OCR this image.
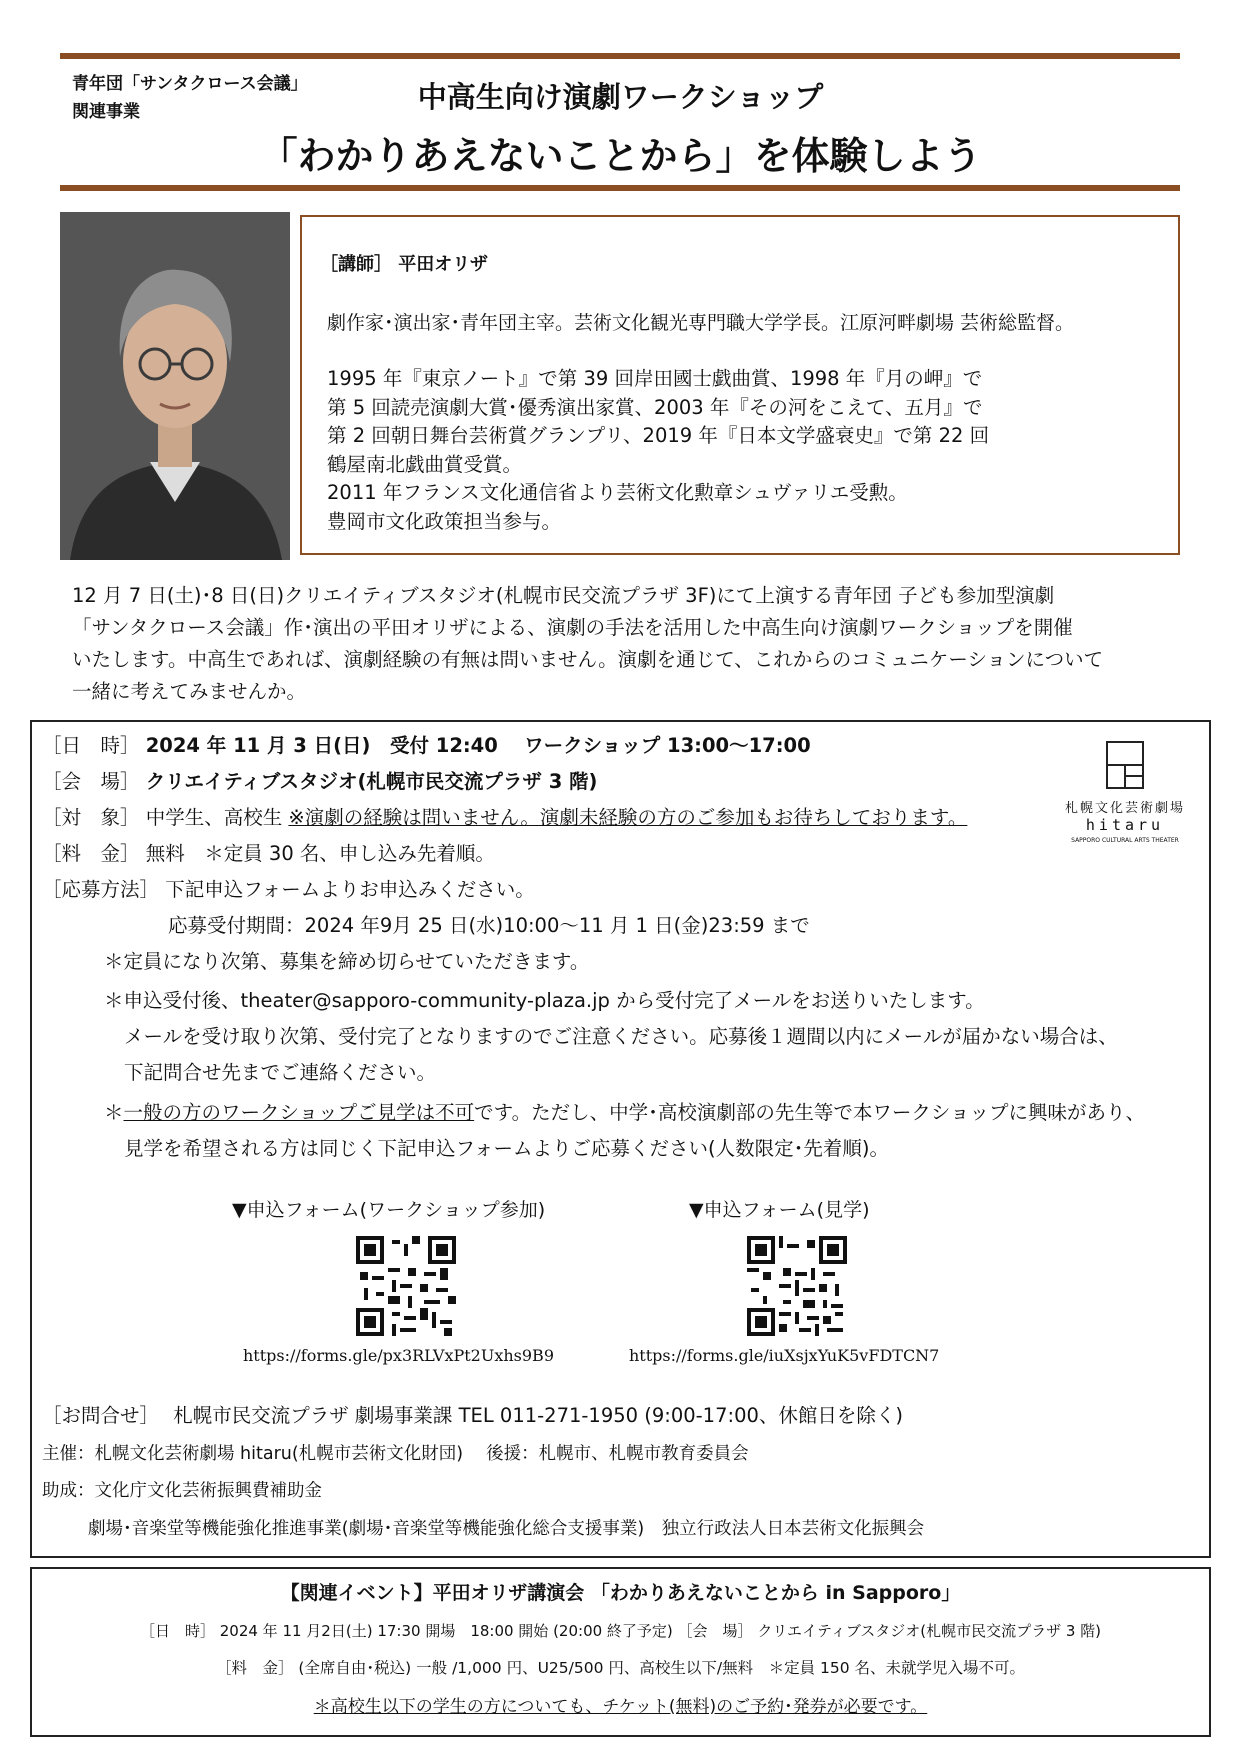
青年団「サンタクロース会議」
関連事業	中高生向け演劇ワークショップ
「わかりあえないことから」を体験しよう
［講師］ 平田オリザ
劇作家･演出家･青年団主宰。芸術文化観光専門職大学学長。江原河畔劇場 芸術総監督。
1995 年『東京ノート』で第 39 回岸田國士戯曲賞、1998 年『月の岬』で
第 5 回読売演劇大賞･優秀演出家賞、2003 年『その河をこえて、五月』で
第 2 回朝日舞台芸術賞グランプリ、2019 年『日本文学盛衰史』で第 22 回
鶴屋南北戯曲賞受賞。
2011 年フランス文化通信省より芸術文化勲章シュヴァリエ受勲。
豊岡市文化政策担当参与。
12 月 7 日(土)･8 日(日)クリエイティブスタジオ(札幌市民交流プラザ 3F)にて上演する青年団 子ども参加型演劇
「サンタクロース会議」作･演出の平田オリザによる、演劇の手法を活用した中高生向け演劇ワークショップを開催
いたします。中高生であれば、演劇経験の有無は問いません。演劇を通じて、これからのコミュニケーションについて
一緒に考えてみませんか。
［日　時］ 2024 年 11 月 3 日(日)　受付 12:40　 ワークショップ 13:00～17:00
［会　場］ クリエイティブスタジオ(札幌市民交流プラザ 3 階)
［対　象］ 中学生、高校生 ※演劇の経験は問いません。演劇未経験の方のご参加もお待ちしております。
［料　金］ 無料　＊定員 30 名、申し込み先着順。
［応募方法］ 下記申込フォームよりお申込みください。
応募受付期間：2024 年9月 25 日(水)10:00～11 月 1 日(金)23:59 まで
＊定員になり次第、募集を締め切らせていただきます。
＊申込受付後、theater@sapporo-community-plaza.jp から受付完了メールをお送りいたします。
メールを受け取り次第、受付完了となりますのでご注意ください。応募後１週間以内にメールが届かない場合は、
下記問合せ先までご連絡ください。
＊一般の方のワークショップご見学は不可です。ただし、中学･高校演劇部の先生等で本ワークショップに興味があり、
見学を希望される方は同じく下記申込フォームよりご応募ください(人数限定･先着順)。
札幌文化芸術劇場
hitaru
SAPPORO CULTURAL ARTS THEATER
▼申込フォーム(ワークショップ参加)	▼申込フォーム(見学)
https://forms.gle/px3RLVxPt2Uxhs9B9	https://forms.gle/iuXsjxYuK5vFDTCN7
［お問合せ］ 札幌市民交流プラザ 劇場事業課 TEL 011-271-1950 (9:00-17:00、休館日を除く)
主催：札幌文化芸術劇場 hitaru(札幌市芸術文化財団)　 後援：札幌市、札幌市教育委員会
助成：文化庁文化芸術振興費補助金
劇場･音楽堂等機能強化推進事業(劇場･音楽堂等機能強化総合支援事業)　独立行政法人日本芸術文化振興会
【関連イベント】平田オリザ講演会 「わかりあえないことから in Sapporo」
［日　時］ 2024 年 11 月2日(土) 17:30 開場　18:00 開始 (20:00 終了予定) ［会　場］ クリエイティブスタジオ(札幌市民交流プラザ 3 階)
［料　金］ (全席自由･税込) 一般 /1,000 円、U25/500 円、高校生以下/無料　＊定員 150 名、未就学児入場不可。
＊高校生以下の学生の方についても、チケット(無料)のご予約･発券が必要です。
